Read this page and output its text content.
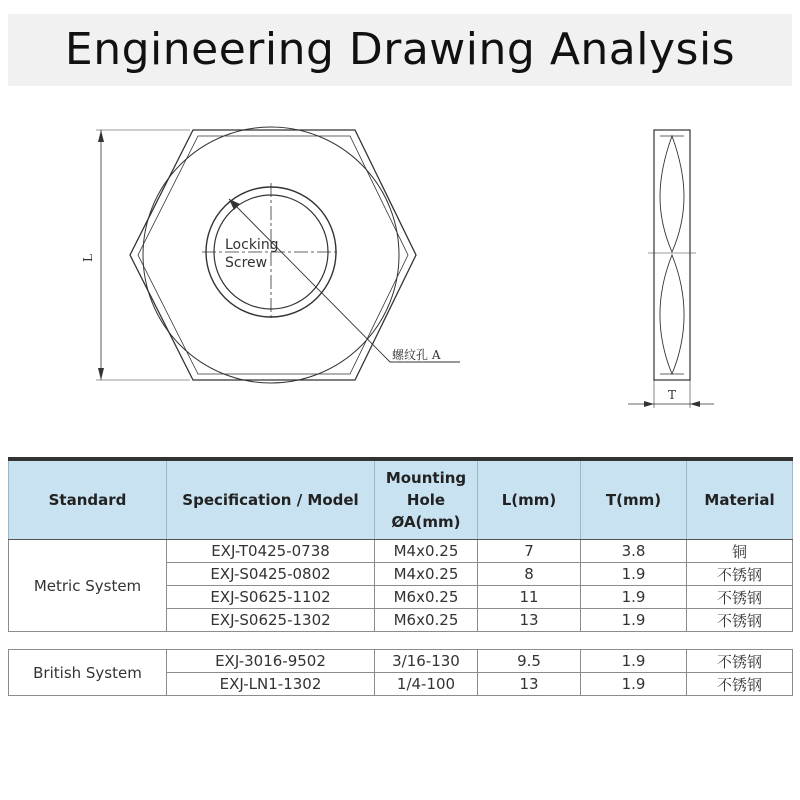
Engineering Drawing Analysis
L
Locking
Screw
螺纹孔 A
T
Standard	Specification / Model	Mounting
Hole
ØA(mm)	L(mm)	T(mm)	Material
Metric System	EXJ-T0425-0738	M4x0.25	7	3.8	铜
	EXJ-S0425-0802	M4x0.25	8	1.9	不锈钢
	EXJ-S0625-1102	M6x0.25	11	1.9	不锈钢
	EXJ-S0625-1302	M6x0.25	13	1.9	不锈钢

British System	EXJ-3016-9502	3/16-130	9.5	1.9	不锈钢
	EXJ-LN1-1302	1/4-100	13	1.9	不锈钢
